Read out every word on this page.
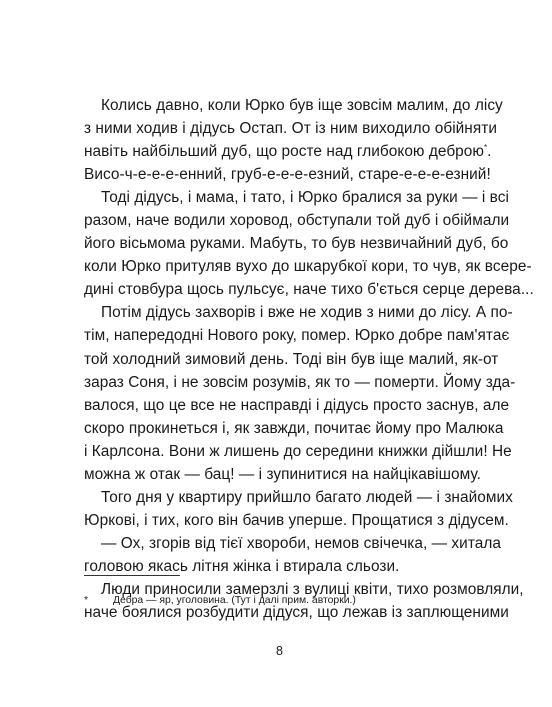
Колись давно, коли Юрко був іще зовсім малим, до лісу
з ними ходив і дідусь Остап. От із ним виходило обійняти
навіть найбільший дуб, що росте над глибокою деброю*.
Висо-ч-е-е-е-енний, груб-е-е-е-езний, старе-е-е-е-езний!
Тоді дідусь, і мама, і тато, і Юрко бралися за руки — і всі
разом, наче водили хоровод, обступали той дуб і обіймали
його вісьмома руками. Мабуть, то був незвичайний дуб, бо
коли Юрко притуляв вухо до шкарубкої кори, то чув, як всере-
дині стовбура щось пульсує, наче тихо б'ється серце дерева...
Потім дідусь захворів і вже не ходив з ними до лісу. А по-
тім, напередодні Нового року, помер. Юрко добре пам'ятає
той холодний зимовий день. Тоді він був іще малий, як-от
зараз Соня, і не зовсім розумів, як то — померти. Йому зда-
валося, що це все не насправді і дідусь просто заснув, але
скоро прокинеться і, як завжди, почитає йому про Малюка
і Карлсона. Вони ж лишень до середини книжки дійшли! Не
можна ж отак — бац! — і зупинитися на найцікавішому.
Того дня у квартиру прийшло багато людей — і знайомих
Юркові, і тих, кого він бачив уперше. Прощатися з дідусем.
— Ох, згорів від тієї хвороби, немов свічечка, — хитала
головою якась літня жінка і втирала сльози.
Люди приносили замерзлі з вулиці квіти, тихо розмовляли,
наче боялися розбудити дідуся, що лежав із заплющеними
* Дебра — яр, уголовина. (Тут і далі прим. авторки.)
8
